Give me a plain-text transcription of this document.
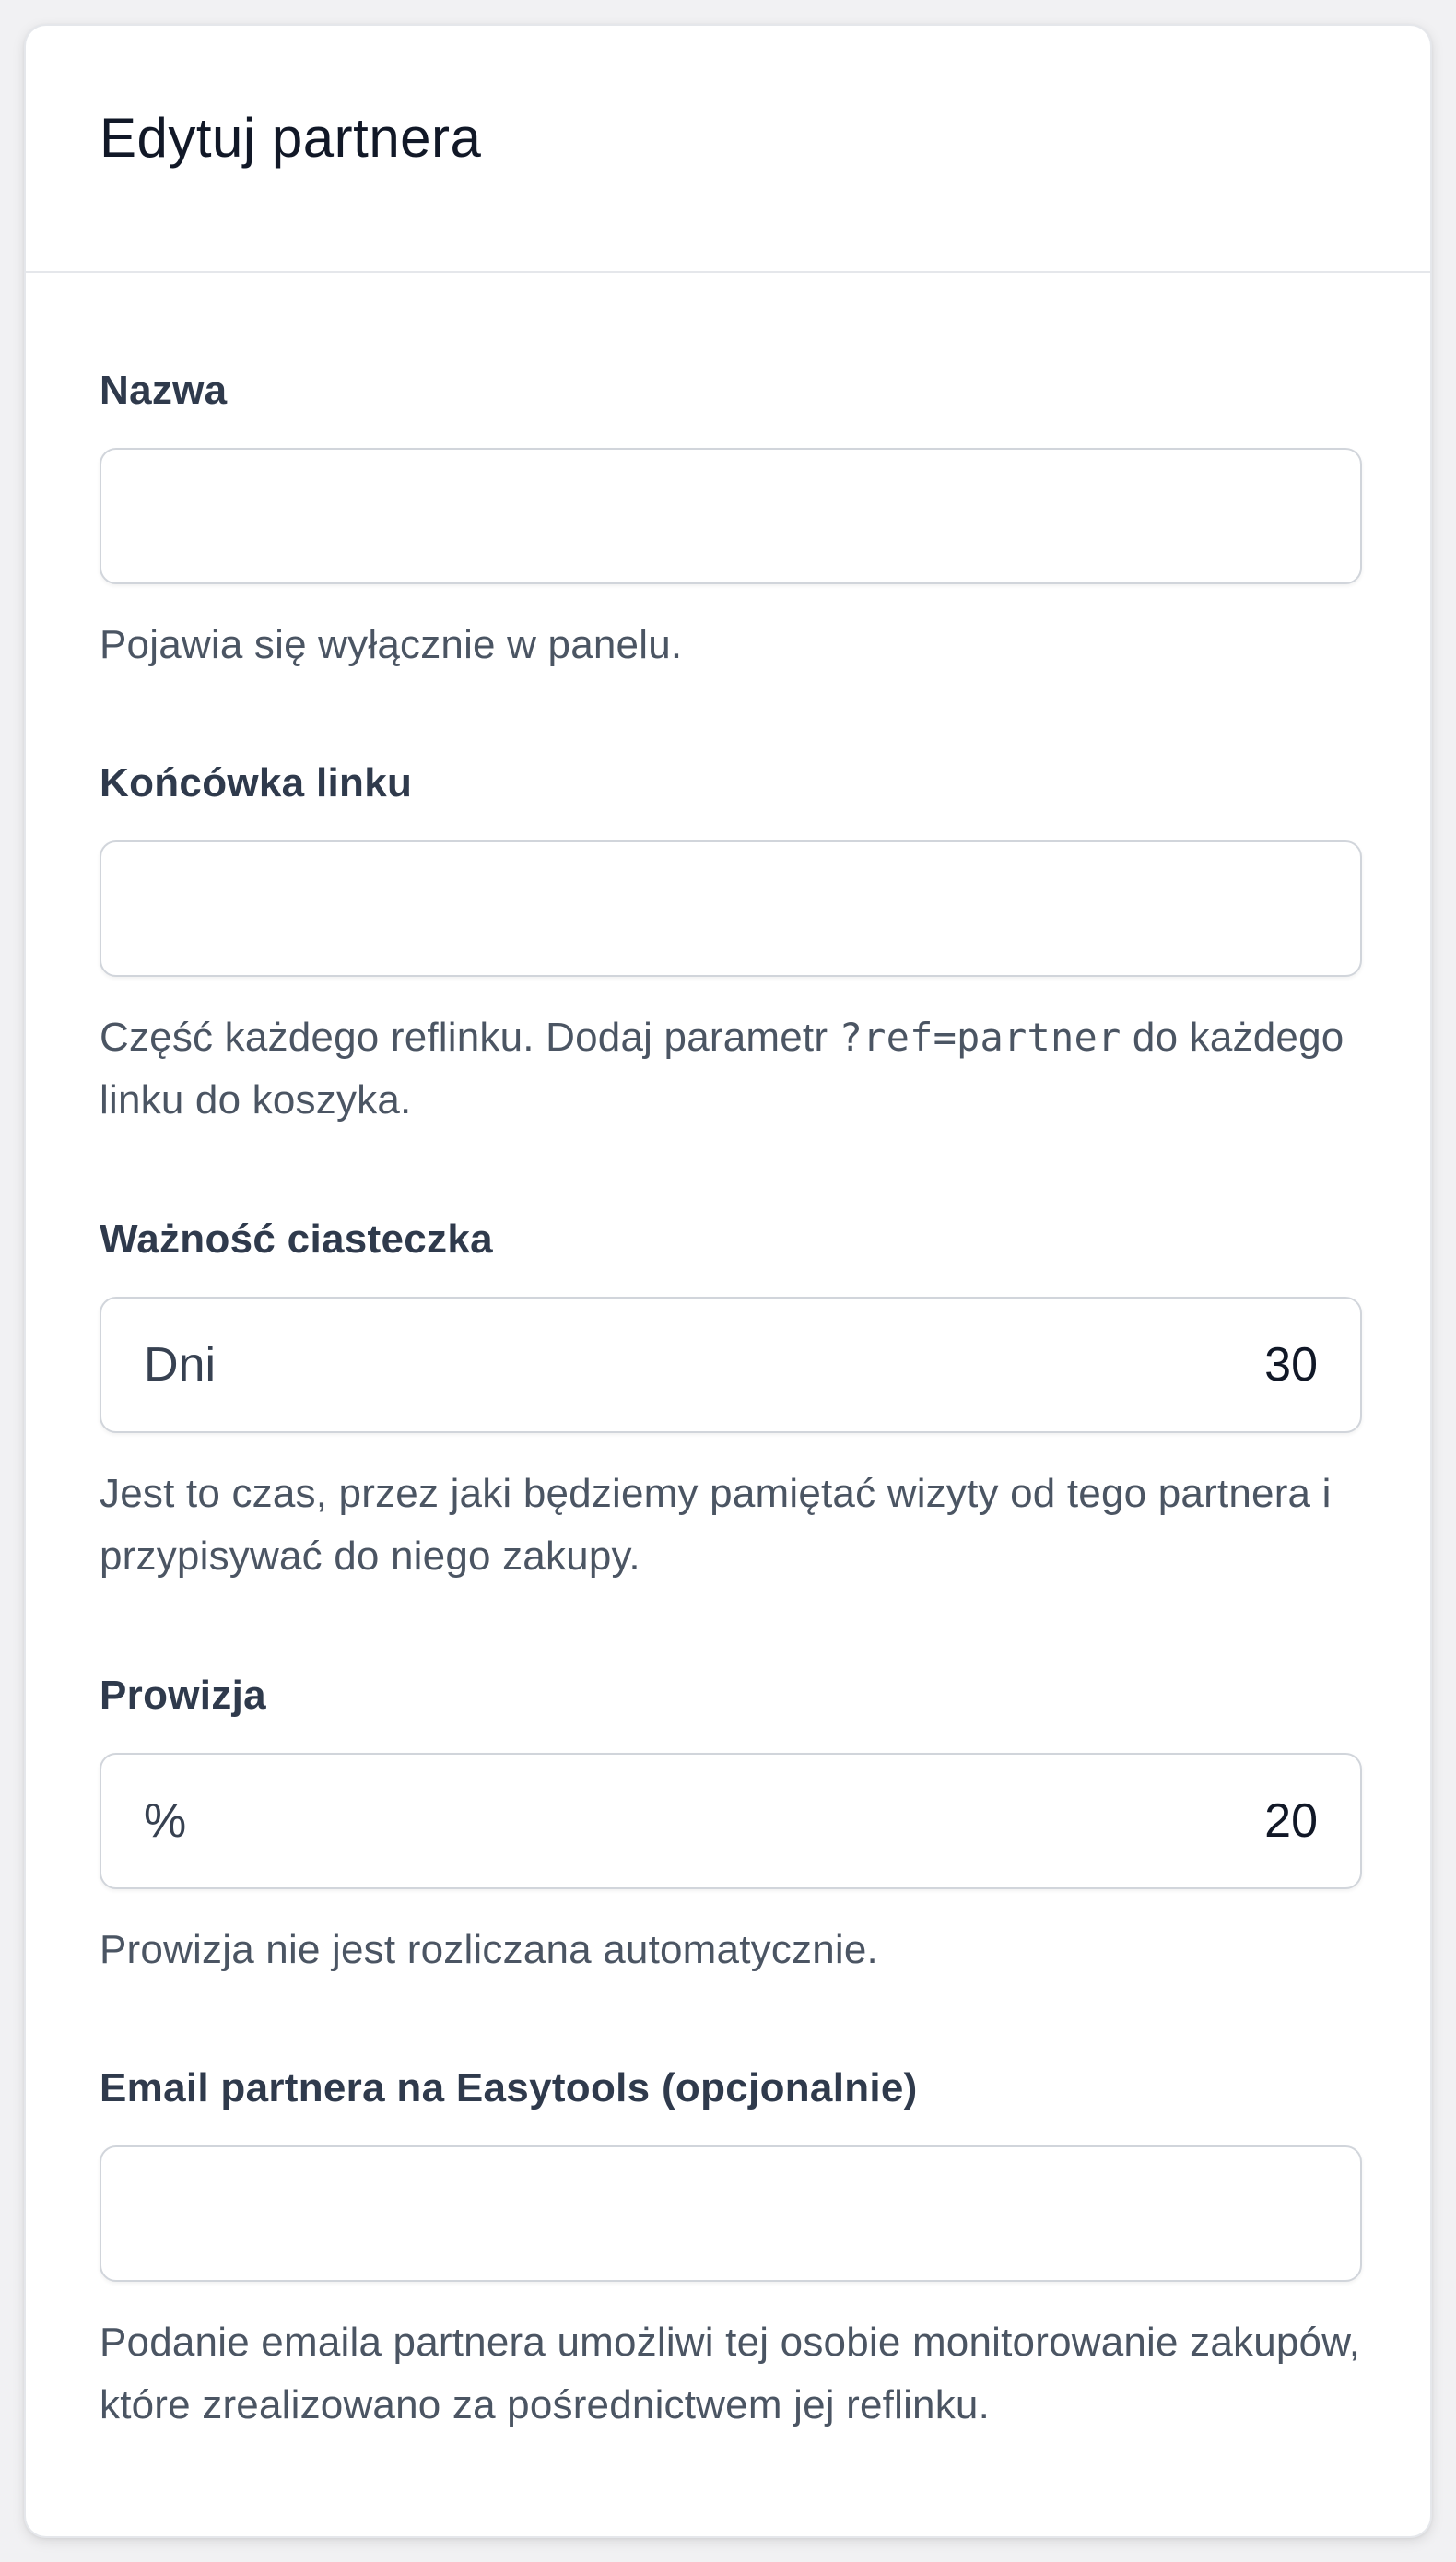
Edytuj partnera
Nazwa
Pojawia się wyłącznie w panelu.
Końcówka linku
Część każdego reflinku. Dodaj parametr ?ref=partner do każdego linku do koszyka.
Ważność ciasteczka
Dni	30
Jest to czas, przez jaki będziemy pamiętać wizyty od tego partnera i przypisywać do niego zakupy.
Prowizja
%	20
Prowizja nie jest rozliczana automatycznie.
Email partnera na Easytools (opcjonalnie)
Podanie emaila partnera umożliwi tej osobie monitorowanie zakupów, które zrealizowano za pośrednictwem jej reflinku.
